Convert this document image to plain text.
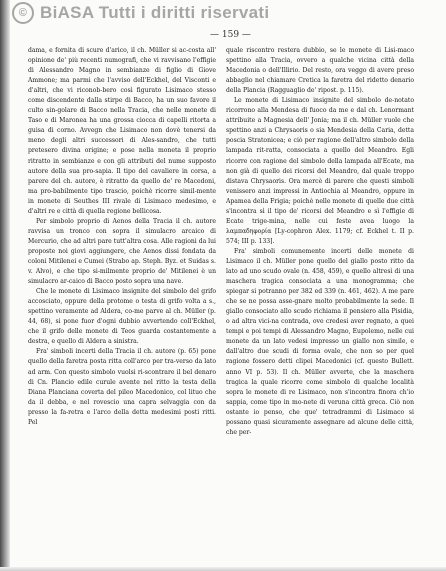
© BiASA Tutti i diritti riservati
— 159 —

dama, e fornita di scure d'arico, il ch. Müller si ac-costa all' opinione de' più recenti numografi, che vi ravvisano l'effigie di Alessandro Magno in sembianze di figlio di Giove Ammone; ma parmi che l'avviso dell'Eckhel, del Visconti e d'altri, che vi riconob-bero così figurato Lisimaco stesso come discendente dalla stirpe di Bacco, ha un suo favore il culto sin-golare di Bacco nella Tracia, che nelle monete di Taso e di Maronea ha una grossa ciocca di capelli ritorta a guisa di corno. Avvegn che Lisimaco non dovè tenersi da meno degli altri successori di Ales-sandro, che tutti pretesero divina origine; e pose nella moneta il proprio ritratto in sembianze e con gli attributi del nume supposto autore della sua pro-sapia. Il tipo del cavaliere in corsa, a parere del ch. autore, è ritratto da quello de' re Macedoni, ma pro-babilmente tipo trascio, poichè ricorre simil-mente in monete di Seuthes III rivale di Lisimaco medesimo, e d'altri re e città di quella regione bellicosa.

Per simbolo proprio di Aenos della Tracia il ch. autore ravvisa un tronco con sopra il simulacro arcaico di Mercurio, che ad altri pare tutt'altra cosa. Alle ragioni da lui proposte noi giovi aggiungere, che Aenos dissi fondata da coloni Mitilenei e Cumei (Strabo ap. Steph. Byz. et Suidas s. v. Alvo), e che tipo si-milmente proprio de' Mitilenei è un simulacro ar-caico di Bacco posto sopra una nave.

Che le monete di Lisimaco insignite del simbolo del grifo accosciato, oppure della protome o testa di grifo volta a s., spettino veramente ad Aldera, co-me parve al ch. Müller (p. 44, 68), si pone fuor d'ogni dubbio avvertendo coll'Eckhel, che il grifo delle monete di Teos guarda costantemente a destra, e quello di Aldera a sinistra.

Fra' simboli incerti della Tracia il ch. autore (p. 65) pone quello della faretra posta ritta coll'arco per tra-verso da lato ad arm. Con questo simbolo vuolsi ri-scontrare il bel denaro di Cn. Plancio edile curule avente nel ritto la testa della Diana Planciana coverta del pileo Macedonico, col lituo che da il debba, e nel rovescio una capra selvaggia con da presso la fa-retra e l'arco della detta medesimi posti ritti. Pel

quale riscontro restera dubbio, se le monete di Lisi-maco spettino alla Tracia, ovvero a qualche vicina città della Macedonia o dell'Illirio. Del resto, ora veggo di avere preso abbaglio nel chiamare Cretica la faretra del ridetto denario della Plancia (Ragguaglio de' ripost. p. 115).

Le monete di Lisimaco insignite del simbolo de-notato ricorrono alla Mendesa di fuoco da me e dal ch. Lenormant attribuite a Magnesia dell' Jonia; ma il ch. Müller vuole che spettino anzi a Chrysaoris o sia Mendesia della Caria, detta poscia Stratonicea; e ciò per ragione dell'altro simbolo della lampada rit-ratta, consociata a quello del Meandro. Egli ricorre con ragione del simbolo della lampada all'Ecate, ma non già di quello dei ricorsi del Meandro, dal quale troppo distava Chrysaoris. Ora mercè di parere che questi simboli venissero anzi impressi in Antiochia al Meandro, oppure in Apamea della Frigia; poichè nelle monete di quelle due città s'incontra sì il tipo de' ricorsi del Meandro e sì l'effigie di Ecate trige-mina, nelle cui feste avea luogo la λαμπαδηφορία [Ly-cophron Alex. 1179; cf. Eckhel t. II p. 574; III p. 133].

Fra' simboli comunemente incerti delle monete di Lisimaco il ch. Müller pone quello del giallo posto ritto da lato ad uno scudo ovale (n. 458, 459), e quello altresì di una maschera tragica consociata a una monogramma; che spiegar si potranno per 382 ed 339 (n. 461, 462). A me pare che se ne possa asse-gnare molto probabilmente la sede. Il giallo consociato allo scudo richiama il pensiero alla Pisidia, o ad altra vici-na contrada, ove credesi aver regnato, a quei tempi e poi tempi di Alessandro Magno, Eupolemo, nelle cui monete da un lato vedesi impresso un giallo non simile, e dall'altro due scudi di forma ovale, che non so per quel ragione fossero detti clipei Macedonici (cf. questo Bullett. anno VI p. 53). Il ch. Müller avverte, che la maschera tragica la quale ricorre come simbolo di qualche località sopra le monete di re Lisimaco, non s'incontra finora ch'io sappia, come tipo in mo-nete di veruna città greca. Ciò non ostante io penso, che que' tetradrammi di Lisimaco si possano quasi sicuramente assegnare ad alcune delle città, che per-
